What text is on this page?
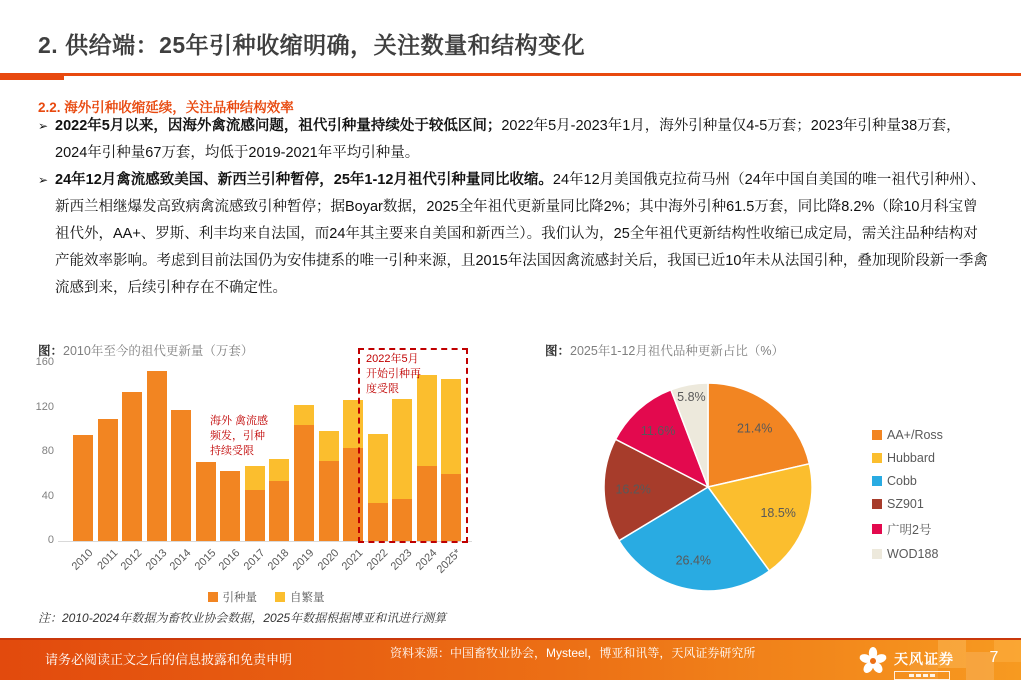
2. 供给端：25年引种收缩明确，关注数量和结构变化
2.2. 海外引种收缩延续，关注品种结构效率
➢ 2022年5月以来，因海外禽流感问题，祖代引种量持续处于较低区间；2022年5月-2023年1月，海外引种量仅4-5万套；2023年引种量38万套，2024年引种量67万套，均低于2019-2021年平均引种量。
➢ 24年12月禽流感致美国、新西兰引种暂停，25年1-12月祖代引种量同比收缩。24年12月美国俄克拉荷马州（24年中国自美国的唯一祖代引种州）、新西兰相继爆发高致病禽流感致引种暂停；据Boyar数据，2025全年祖代更新量同比降2%；其中海外引种61.5万套，同比降8.2%（除10月科宝曾祖代外，AA+、罗斯、利丰均来自法国，而24年其主要来自美国和新西兰）。我们认为，25全年祖代更新结构性收缩已成定局，需关注品种结构对产能效率影响。考虑到目前法国仍为安伟捷系的唯一引种来源，且2015年法国因禽流感封关后，我国已近10年未从法国引种，叠加现阶段新一季禽流感到来，后续引种存在不确定性。
图：2010年至今的祖代更新量（万套）
0
40
80
120
160
2010 2011
2012
2013
2014
2015
2016
2017
2018
2019
2020
2021
2022
2023
2024
2025*
海外 禽流感
频发，引种
持续受限
2022年5月
开始引种再
度受限
引种量	自繁量
注：2010-2024年数据为畜牧业协会数据，2025年数据根据博亚和讯进行测算
图：2025年1-12月祖代品种更新占比（%）
21.4%
18.5%
26.4%
16.2%
11.6%
5.8%
AA+/Ross
Hubbard
Cobb
SZ901
广明2号
WOD188
请务必阅读正文之后的信息披露和免责申明	资料来源：中国畜牧业协会，Mysteel，博亚和讯等，天风证券研究所	天风证券	7
